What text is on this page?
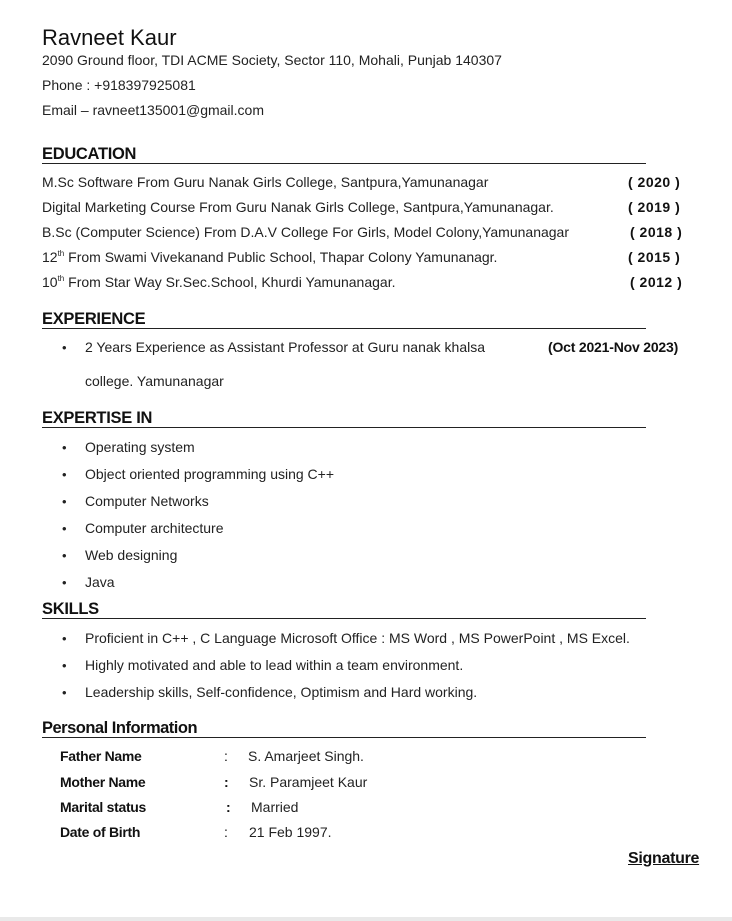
Ravneet Kaur
2090 Ground floor, TDI ACME Society, Sector 110, Mohali, Punjab 140307
Phone : +918397925081
Email – ravneet135001@gmail.com
EDUCATION
M.Sc Software From Guru Nanak Girls College, Santpura,Yamunanagar	( 2020 )
Digital Marketing Course From Guru Nanak Girls College, Santpura,Yamunanagar.	( 2019 )
B.Sc (Computer Science) From D.A.V College For Girls, Model Colony,Yamunanagar	( 2018 )
12th From Swami Vivekanand Public School, Thapar Colony Yamunanagr.	( 2015 )
10th From Star Way Sr.Sec.School, Khurdi Yamunanagar.	( 2012 )
EXPERIENCE
• 2 Years Experience as Assistant Professor at Guru nanak khalsa
college. Yamunanagar
(Oct 2021-Nov 2023)
EXPERTISE IN
• Operating system
• Object oriented programming using C++
• Computer Networks
• Computer architecture
• Web designing
• Java
SKILLS
• Proficient in C++ , C Language Microsoft Office : MS Word , MS PowerPoint , MS Excel.
• Highly motivated and able to lead within a team environment.
• Leadership skills, Self-confidence, Optimism and Hard working.
Personal Information
Father Name	: S. Amarjeet Singh.
Mother Name	: Sr. Paramjeet Kaur
Marital status	: Married
Date of Birth	: 21 Feb 1997.
Signature
